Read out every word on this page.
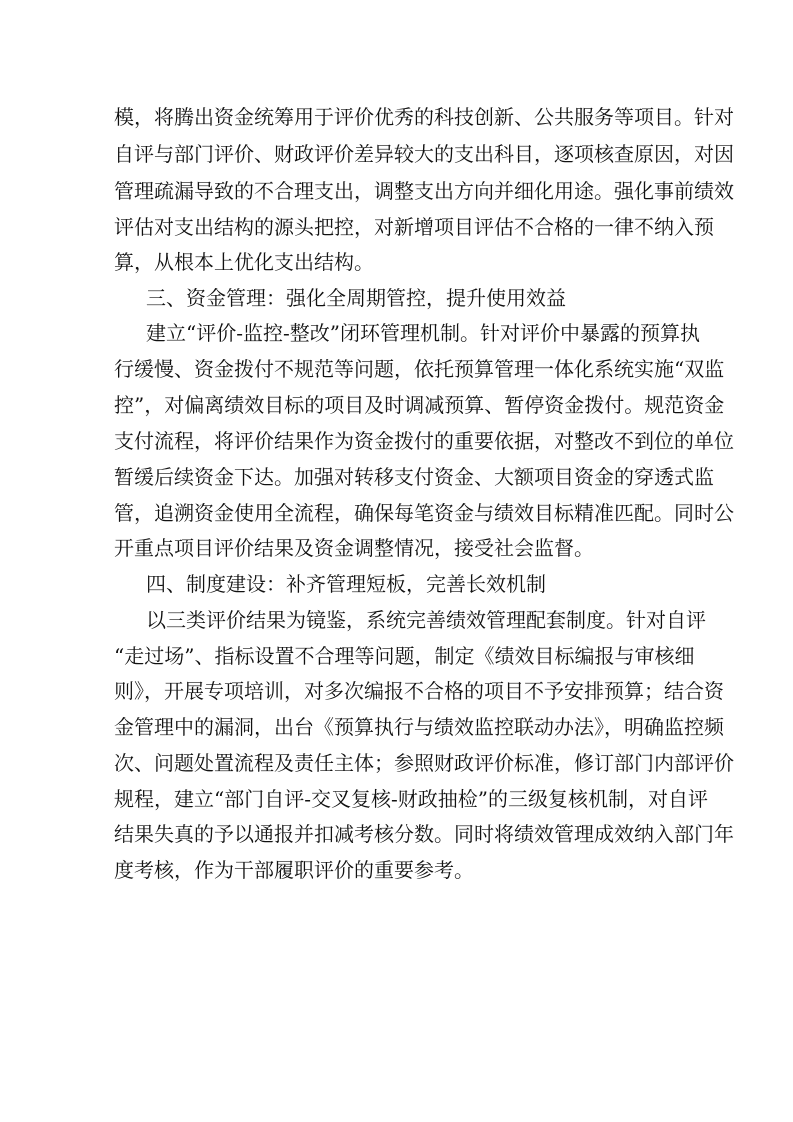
模，将腾出资金统筹用于评价优秀的科技创新、公共服务等项目。针对
自评与部门评价、财政评价差异较大的支出科目，逐项核查原因，对因
管理疏漏导致的不合理支出，调整支出方向并细化用途。强化事前绩效
评估对支出结构的源头把控，对新增项目评估不合格的一律不纳入预
算，从根本上优化支出结构。
三、资金管理：强化全周期管控，提升使用效益
建立“评价-监控-整改”闭环管理机制。针对评价中暴露的预算执
行缓慢、资金拨付不规范等问题，依托预算管理一体化系统实施“双监
控”，对偏离绩效目标的项目及时调减预算、暂停资金拨付。规范资金
支付流程，将评价结果作为资金拨付的重要依据，对整改不到位的单位
暂缓后续资金下达。加强对转移支付资金、大额项目资金的穿透式监
管，追溯资金使用全流程，确保每笔资金与绩效目标精准匹配。同时公
开重点项目评价结果及资金调整情况，接受社会监督。
四、制度建设：补齐管理短板，完善长效机制
以三类评价结果为镜鉴，系统完善绩效管理配套制度。针对自评
“走过场”、指标设置不合理等问题，制定《绩效目标编报与审核细
则》，开展专项培训，对多次编报不合格的项目不予安排预算；结合资
金管理中的漏洞，出台《预算执行与绩效监控联动办法》，明确监控频
次、问题处置流程及责任主体；参照财政评价标准，修订部门内部评价
规程，建立“部门自评-交叉复核-财政抽检”的三级复核机制，对自评
结果失真的予以通报并扣减考核分数。同时将绩效管理成效纳入部门年
度考核，作为干部履职评价的重要参考。
